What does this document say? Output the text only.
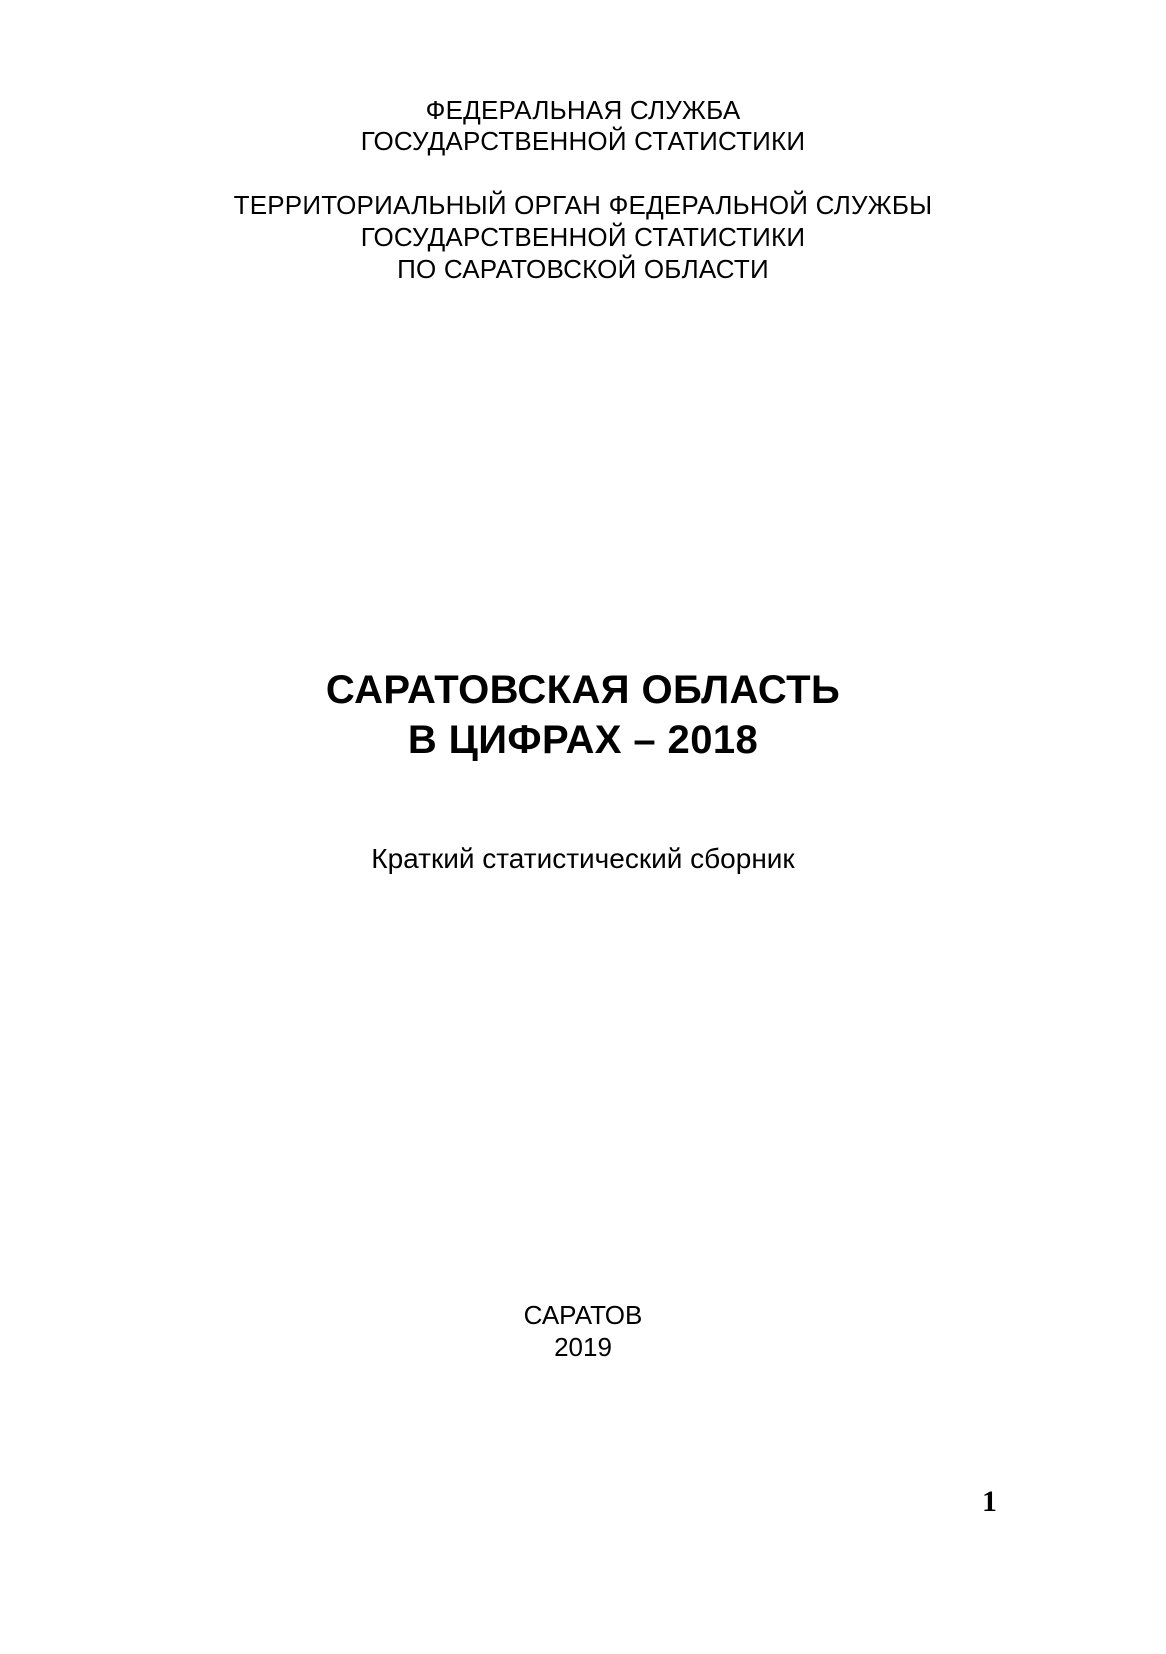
ФЕДЕРАЛЬНАЯ СЛУЖБА
ГОСУДАРСТВЕННОЙ СТАТИСТИКИ
ТЕРРИТОРИАЛЬНЫЙ ОРГАН ФЕДЕРАЛЬНОЙ СЛУЖБЫ
ГОСУДАРСТВЕННОЙ СТАТИСТИКИ
ПО САРАТОВСКОЙ ОБЛАСТИ
САРАТОВСКАЯ ОБЛАСТЬ
В ЦИФРАХ – 2018
Краткий статистический сборник
САРАТОВ
2019
1
